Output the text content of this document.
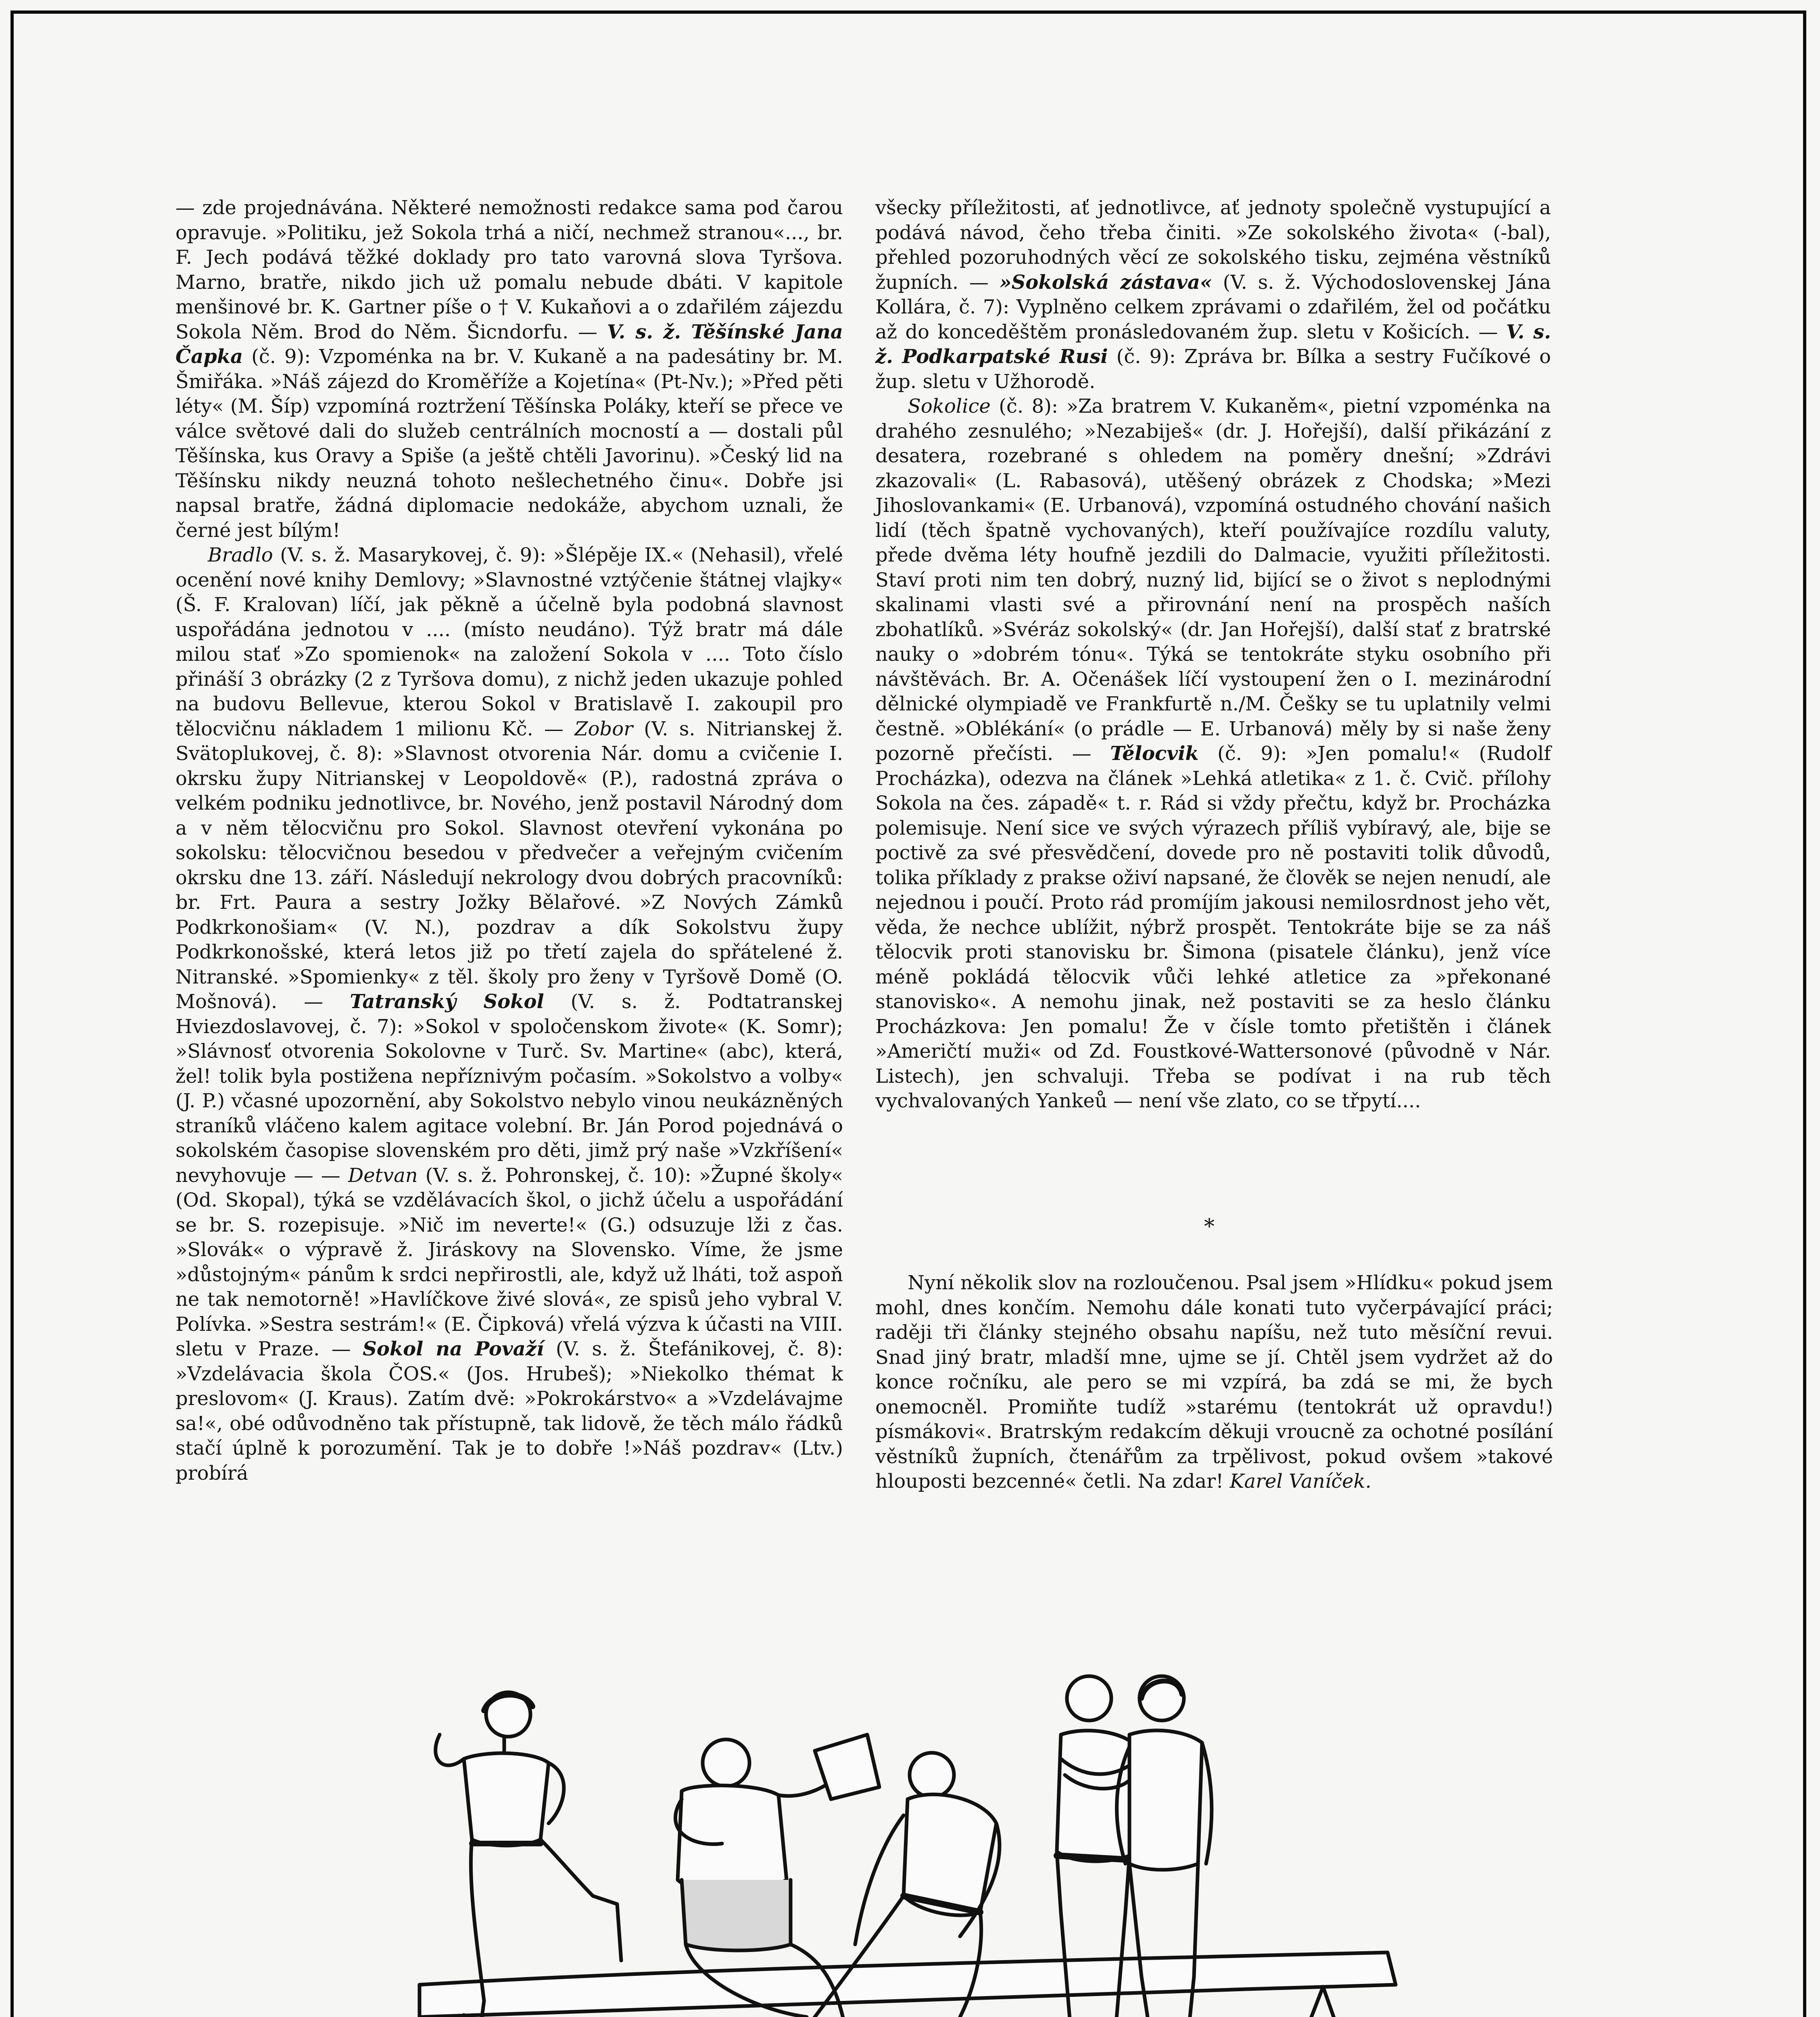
— zde projednávána. Některé nemožnosti redakce sama pod čarou opravuje. »Politiku, jež Sokola trhá a ničí, nechmež stranou«..., br. F. Jech podává těžké doklady pro tato varovná slova Tyršova. Marno, bratře, nikdo jich už pomalu nebude dbáti. V kapitole menšinové br. K. Gartner píše o † V. Kukaňovi a o zdařilém zájezdu Sokola Něm. Brod do Něm. Šicndorfu. — V. s. ž. Těšínské Jana Čapka (č. 9): Vzpoménka na br. V. Kukaně a na padesátiny br. M. Šmiřáka. »Náš zájezd do Kroměříže a Kojetína« (Pt-Nv.); »Před pěti léty« (M. Šíp) vzpomíná roztržení Těšínska Poláky, kteří se přece ve válce světové dali do služeb centrálních mocností a — dostali půl Těšínska, kus Oravy a Spiše (a ještě chtěli Javorinu). »Český lid na Těšínsku nikdy neuzná tohoto nešlechetného činu«. Dobře jsi napsal bratře, žádná diplomacie nedokáže, abychom uznali, že černé jest bílým!

Bradlo (V. s. ž. Masarykovej, č. 9): »Šlépěje IX.« (Nehasil), vřelé ocenění nové knihy Demlovy; »Slavnostné vztýčenie štátnej vlajky« (Š. F. Kralovan) líčí, jak pěkně a účelně byla podobná slavnost uspořádána jednotou v .... (místo neudáno). Týž bratr má dále milou stať »Zo spomienok« na založení Sokola v .... Toto číslo přináší 3 obrázky (2 z Tyršova domu), z nichž jeden ukazuje pohled na budovu Bellevue, kterou Sokol v Bratislavě I. zakoupil pro tělocvičnu nákladem 1 milionu Kč. — Zobor (V. s. Nitrianskej ž. Svätoplukovej, č. 8): »Slavnost otvorenia Nár. domu a cvičenie I. okrsku župy Nitrianskej v Leopoldově« (P.), radostná zpráva o velkém podniku jednotlivce, br. Nového, jenž postavil Národný dom a v něm tělocvičnu pro Sokol. Slavnost otevření vykonána po sokolsku: tělocvičnou besedou v předvečer a veřejným cvičením okrsku dne 13. září. Následují nekrology dvou dobrých pracovníků: br. Frt. Paura a sestry Jožky Bělařové. »Z Nových Zámků Podkrkonošiam« (V. N.), pozdrav a dík Sokolstvu župy Podkrkonošské, která letos již po třetí zajela do spřátelené ž. Nitranské. »Spomienky« z těl. školy pro ženy v Tyršově Domě (O. Mošnová). — Tatranský Sokol (V. s. ž. Podtatranskej Hviezdoslavovej, č. 7): »Sokol v spoločenskom živote« (K. Somr); »Slávnosť otvorenia Sokolovne v Turč. Sv. Martine« (abc), která, žel! tolik byla postižena nepříznivým počasím. »Sokolstvo a volby« (J. P.) včasné upozornění, aby Sokolstvo nebylo vinou neukázněných straníků vláčeno kalem agitace volební. Br. Ján Porod pojednává o sokolském časopise slovenském pro děti, jimž prý naše »Vzkříšení« nevyhovuje — — Detvan (V. s. ž. Pohronskej, č. 10): »Župné školy« (Od. Skopal), týká se vzdělávacích škol, o jichž účelu a uspořádání se br. S. rozepisuje. »Nič im neverte!« (G.) odsuzuje lži z čas. »Slovák« o výpravě ž. Jiráskovy na Slovensko. Víme, že jsme »důstojným« pánům k srdci nepřirostli, ale, když už lháti, tož aspoň ne tak nemotorně! »Havlíčkove živé slová«, ze spisů jeho vybral V. Polívka. »Sestra sestrám!« (E. Čipková) vřelá výzva k účasti na VIII. sletu v Praze. — Sokol na Považí (V. s. ž. Štefánikovej, č. 8): »Vzdelávacia škola ČOS.« (Jos. Hrubeš); »Niekolko thémat k preslovom« (J. Kraus). Zatím dvě: »Pokrokárstvo« a »Vzdelávajme sa!«, obé odůvodněno tak přístupně, tak lidově, že těch málo řádků stačí úplně k porozumění. Tak je to dobře !»Náš pozdrav« (Ltv.) probírá

všecky příležitosti, ať jednotlivce, ať jednoty společně vystupující a podává návod, čeho třeba činiti. »Ze sokolského života« (-bal), přehled pozoruhodných věcí ze sokolského tisku, zejména věstníků župních. — »Sokolská zástava« (V. s. ž. Východoslovenskej Jána Kollára, č. 7): Vyplněno celkem zprávami o zdařilém, žel od počátku až do konceděštěm pronásledovaném žup. sletu v Košicích. — V. s. ž. Podkarpatské Rusi (č. 9): Zpráva br. Bílka a sestry Fučíkové o žup. sletu v Užhorodě.

Sokolice (č. 8): »Za bratrem V. Kukaněm«, pietní vzpoménka na drahého zesnulého; »Nezabiješ« (dr. J. Hořejší), další přikázání z desatera, rozebrané s ohledem na poměry dnešní; »Zdrávi zkazovali« (L. Rabasová), utěšený obrázek z Chodska; »Mezi Jihoslovankami« (E. Urbanová), vzpomíná ostudného chování našich lidí (těch špatně vychovaných), kteří používajíce rozdílu valuty, přede dvěma léty houfně jezdili do Dalmacie, využiti příležitosti. Staví proti nim ten dobrý, nuzný lid, bijící se o život s neplodnými skalinami vlasti své a přirovnání není na prospěch naších zbohatlíků. »Svéráz sokolský« (dr. Jan Hořejší), další stať z bratrské nauky o »dobrém tónu«. Týká se tentokráte styku osobního při návštěvách. Br. A. Očenášek líčí vystoupení žen o I. mezinárodní dělnické olympiadě ve Frankfurtě n./M. Češky se tu uplatnily velmi čestně. »Oblékání« (o prádle — E. Urbanová) měly by si naše ženy pozorně přečísti. — Tělocvik (č. 9): »Jen pomalu!« (Rudolf Procházka), odezva na článek »Lehká atletika« z 1. č. Cvič. přílohy Sokola na čes. západě« t. r. Rád si vždy přečtu, když br. Procházka polemisuje. Není sice ve svých výrazech příliš vybíravý, ale, bije se poctivě za své přesvědčení, dovede pro ně postaviti tolik důvodů, tolika příklady z prakse oživí napsané, že člověk se nejen nenudí, ale nejednou i poučí. Proto rád promíjím jakousi nemilosrdnost jeho vět, věda, že nechce ublížit, nýbrž prospět. Tentokráte bije se za náš tělocvik proti stanovisku br. Šimona (pisatele článku), jenž více méně pokládá tělocvik vůči lehké atletice za »překonané stanovisko«. A nemohu jinak, než postaviti se za heslo článku Procházkova: Jen pomalu! Že v čísle tomto přetištěn i článek »Američtí muži« od Zd. Foustkové-Wattersonové (původně v Nár. Listech), jen schvaluji. Třeba se podívat i na rub těch vychvalovaných Yankeů — není vše zlato, co se třpytí....

*
Nyní několik slov na rozloučenou. Psal jsem »Hlídku« pokud jsem mohl, dnes končím. Nemohu dále konati tuto vyčerpávající práci; raději tři články stejného obsahu napíšu, než tuto měsíční revui. Snad jiný bratr, mladší mne, ujme se jí. Chtěl jsem vydržet až do konce ročníku, ale pero se mi vzpírá, ba zdá se mi, že bych onemocněl. Promiňte tudíž »starému (tentokrát už opravdu!) písmákovi«. Bratrským redakcím děkuji vroucně za ochotné posílání věstníků župních, čtenářům za trpělivost, pokud ovšem »takové hlouposti bezcenné« četli. Na zdar! Karel Vaníček.
